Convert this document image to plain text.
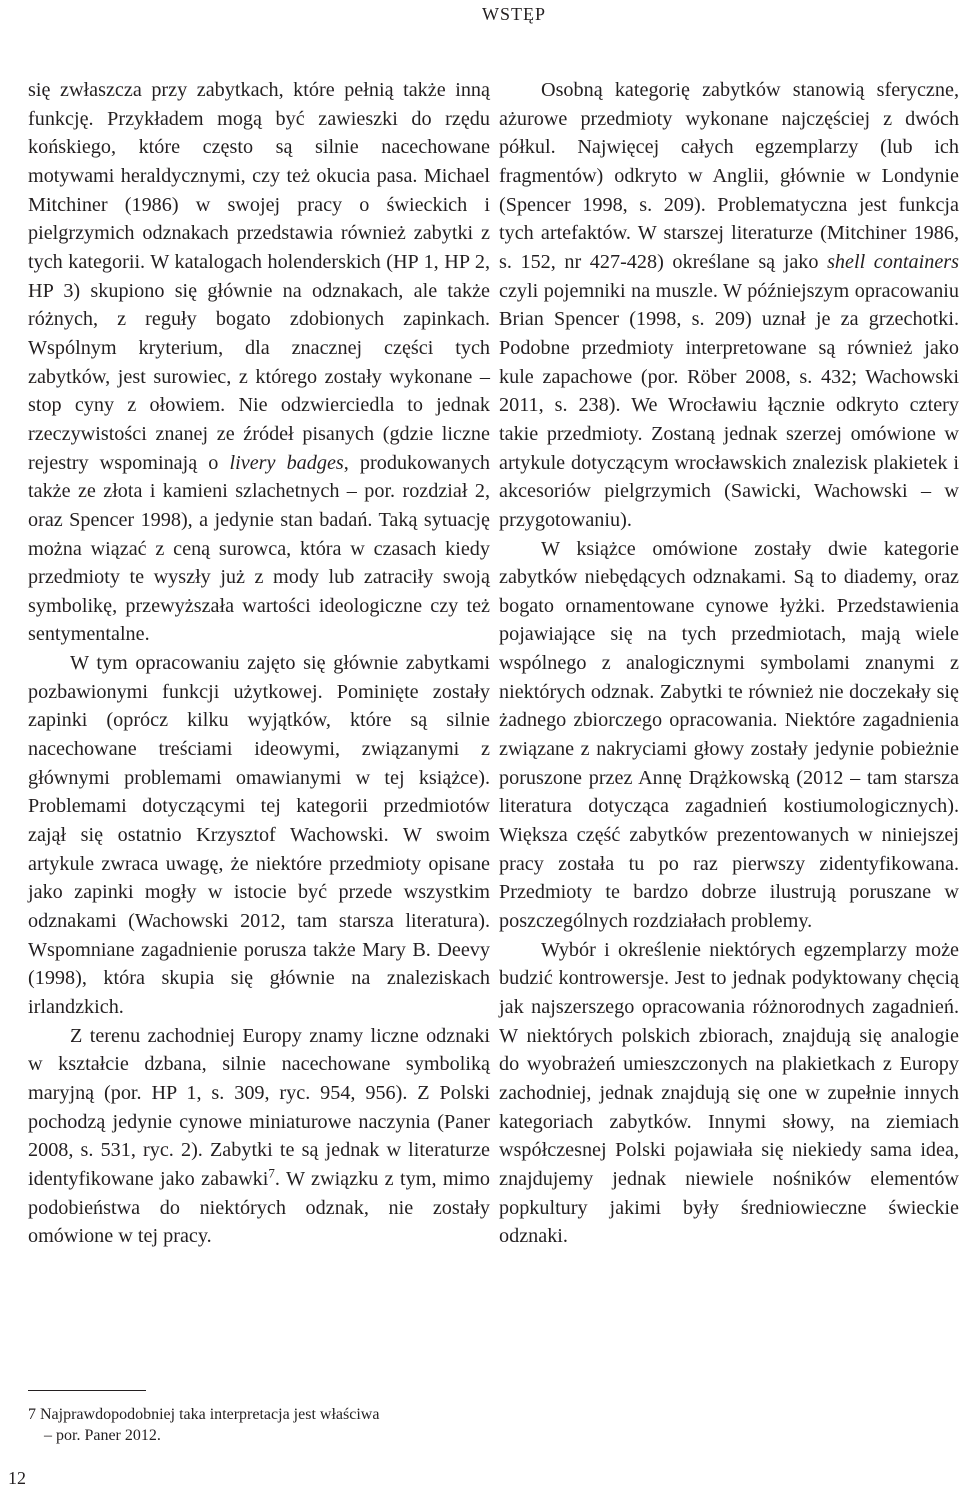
WSTĘP

się zwłaszcza przy zabytkach, które pełnią także inną funkcję. Przykładem mogą być zawieszki do rzędu końskiego, które często są silnie nacechowane motywami heraldycznymi, czy też okucia pasa. Michael Mitchiner (1986) w swojej pracy o świeckich i pielgrzymich odznakach przedstawia również zabytki z tych kategorii. W katalogach holenderskich (HP 1, HP 2, HP 3) skupiono się głównie na odznakach, ale także różnych, z reguły bogato zdobionych zapinkach. Wspólnym kryterium, dla znacznej części tych zabytków, jest surowiec, z którego zostały wykonane – stop cyny z ołowiem. Nie odzwierciedla to jednak rzeczywistości znanej ze źródeł pisanych (gdzie liczne rejestry wspominają o livery badges, produkowanych także ze złota i kamieni szlachetnych – por. rozdział 2, oraz Spencer 1998), a jedynie stan badań. Taką sytuację można wiązać z ceną surowca, która w czasach kiedy przedmioty te wyszły już z mody lub zatraciły swoją symbolikę, przewyższała wartości ideologiczne czy też sentymentalne.

W tym opracowaniu zajęto się głównie zabytkami pozbawionymi funkcji użytkowej. Pominięte zostały zapinki (oprócz kilku wyjątków, które są silnie nacechowane treściami ideowymi, związanymi z głównymi problemami omawianymi w tej książce). Problemami dotyczącymi tej kategorii przedmiotów zajął się ostatnio Krzysztof Wachowski. W swoim artykule zwraca uwagę, że niektóre przedmioty opisane jako zapinki mogły w istocie być przede wszystkim odznakami (Wachowski 2012, tam starsza literatura). Wspomniane zagadnienie porusza także Mary B. Deevy (1998), która skupia się głównie na znaleziskach irlandzkich.

Z terenu zachodniej Europy znamy liczne odznaki w kształcie dzbana, silnie nacechowane symboliką maryjną (por. HP 1, s. 309, ryc. 954, 956). Z Polski pochodzą jedynie cynowe miniaturowe naczynia (Paner 2008, s. 531, ryc. 2). Zabytki te są jednak w literaturze identyfikowane jako zabawki$^7$. W związku z tym, mimo podobieństwa do niektórych odznak, nie zostały omówione w tej pracy.

Osobną kategorię zabytków stanowią sferyczne, ażurowe przedmioty wykonane najczęściej z dwóch półkul. Najwięcej całych egzemplarzy (lub ich fragmentów) odkryto w Anglii, głównie w Londynie (Spencer 1998, s. 209). Problematyczna jest funkcja tych artefaktów. W starszej literaturze (Mitchiner 1986, s. 152, nr 427-428) określane są jako shell containers czyli pojemniki na muszle. W późniejszym opracowaniu Brian Spencer (1998, s. 209) uznał je za grzechotki. Podobne przedmioty interpretowane są również jako kule zapachowe (por. Röber 2008, s. 432; Wachowski 2011, s. 238). We Wrocławiu łącznie odkryto cztery takie przedmioty. Zostaną jednak szerzej omówione w artykule dotyczącym wrocławskich znalezisk plakietek i akcesoriów pielgrzymich (Sawicki, Wachowski – w przygotowaniu).

W książce omówione zostały dwie kategorie zabytków niebędących odznakami. Są to diademy, oraz bogato ornamentowane cynowe łyżki. Przedstawienia pojawiające się na tych przedmiotach, mają wiele wspólnego z analogicznymi symbolami znanymi z niektórych odznak. Zabytki te również nie doczekały się żadnego zbiorczego opracowania. Niektóre zagadnienia związane z nakryciami głowy zostały jedynie pobieżnie poruszone przez Annę Drążkowską (2012 – tam starsza literatura dotycząca zagadnień kostiumologicznych). Większa część zabytków prezentowanych w niniejszej pracy została tu po raz pierwszy zidentyfikowana. Przedmioty te bardzo dobrze ilustrują poruszane w poszczególnych rozdziałach problemy.

Wybór i określenie niektórych egzemplarzy może budzić kontrowersje. Jest to jednak podyktowany chęcią jak najszerszego opracowania różnorodnych zagadnień. W niektórych polskich zbiorach, znajdują się analogie do wyobrażeń umieszczonych na plakietkach z Europy zachodniej, jednak znajdują się one w zupełnie innych kategoriach zabytków. Innymi słowy, na ziemiach współczesnej Polski pojawiała się niekiedy sama idea, znajdujemy jednak niewiele nośników elementów popkultury jakimi były średniowieczne świeckie odznaki.

7 Najprawdopodobniej taka interpretacja jest właściwa
– por. Paner 2012.
12
